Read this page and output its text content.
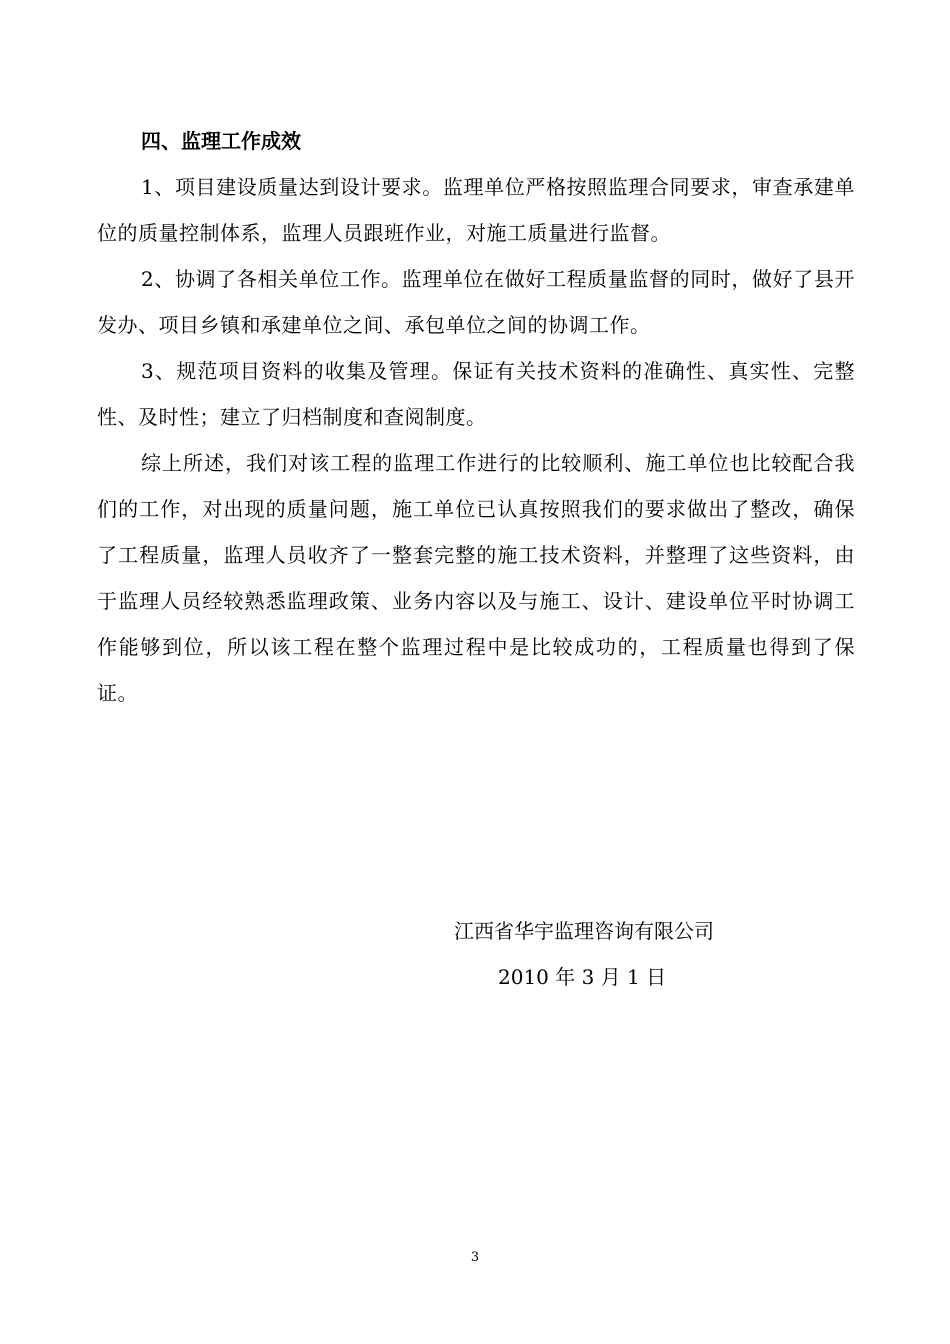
四、监理工作成效

1、项目建设质量达到设计要求。监理单位严格按照监理合同要求，审查承建单位的质量控制体系，监理人员跟班作业，对施工质量进行监督。

2、协调了各相关单位工作。监理单位在做好工程质量监督的同时，做好了县开发办、项目乡镇和承建单位之间、承包单位之间的协调工作。

3、规范项目资料的收集及管理。保证有关技术资料的准确性、真实性、完整性、及时性；建立了归档制度和查阅制度。

综上所述，我们对该工程的监理工作进行的比较顺利、施工单位也比较配合我们的工作，对出现的质量问题，施工单位已认真按照我们的要求做出了整改，确保了工程质量，监理人员收齐了一整套完整的施工技术资料，并整理了这些资料，由于监理人员经较熟悉监理政策、业务内容以及与施工、设计、建设单位平时协调工作能够到位，所以该工程在整个监理过程中是比较成功的，工程质量也得到了保证。

江西省华宇监理咨询有限公司
2010 年 3 月 1 日
3
